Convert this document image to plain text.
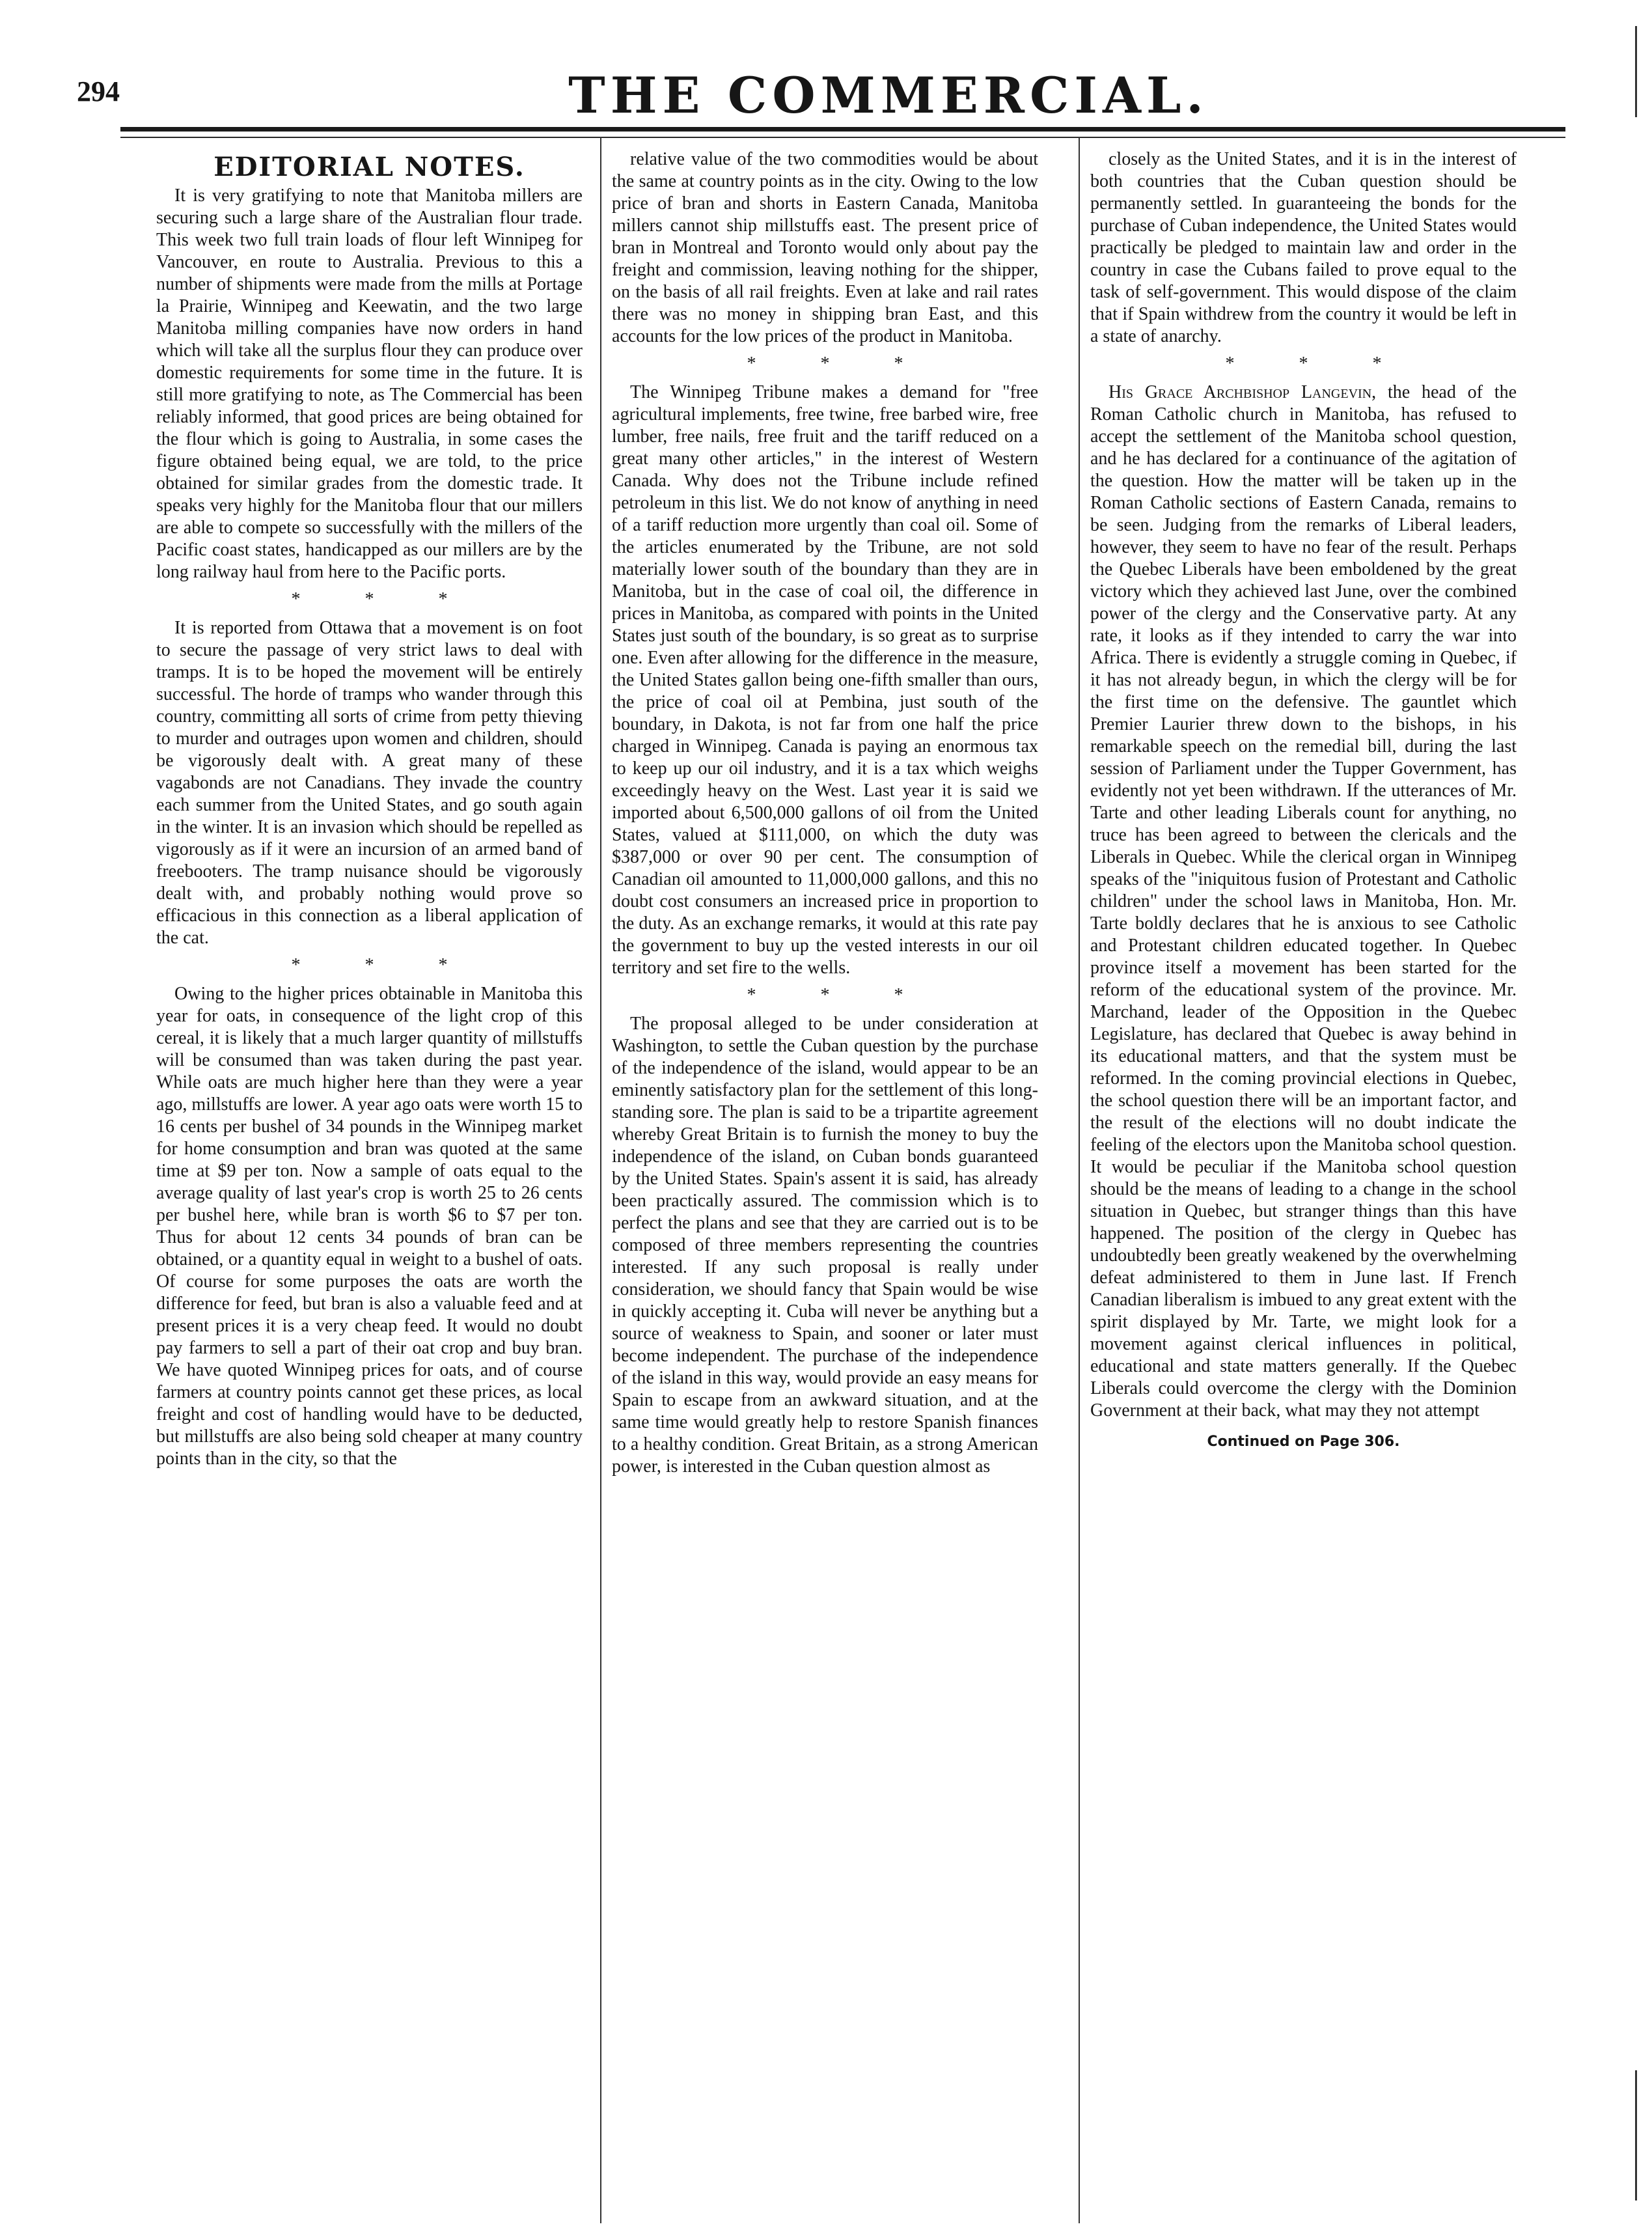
294	THE COMMERCIAL.
EDITORIAL NOTES.

It is very gratifying to note that Manitoba millers are securing such a large share of the Australian flour trade. This week two full train loads of flour left Winnipeg for Vancouver, en route to Australia. Previous to this a number of shipments were made from the mills at Portage la Prairie, Winnipeg and Keewatin, and the two large Manitoba milling companies have now orders in hand which will take all the surplus flour they can produce over domestic requirements for some time in the future. It is still more gratifying to note, as The Commercial has been reliably informed, that good prices are being obtained for the flour which is going to Australia, in some cases the figure obtained being equal, we are told, to the price obtained for similar grades from the domestic trade. It speaks very highly for the Manitoba flour that our millers are able to compete so successfully with the millers of the Pacific coast states, handicapped as our millers are by the long railway haul from here to the Pacific ports.

* * *

It is reported from Ottawa that a movement is on foot to secure the passage of very strict laws to deal with tramps. It is to be hoped the movement will be entirely successful. The horde of tramps who wander through this country, committing all sorts of crime from petty thieving to murder and outrages upon women and children, should be vigorously dealt with. A great many of these vagabonds are not Canadians. They invade the country each summer from the United States, and go south again in the winter. It is an invasion which should be repelled as vigorously as if it were an incursion of an armed band of freebooters. The tramp nuisance should be vigorously dealt with, and probably nothing would prove so efficacious in this connection as a liberal application of the cat.

* * *

Owing to the higher prices obtainable in Manitoba this year for oats, in consequence of the light crop of this cereal, it is likely that a much larger quantity of millstuffs will be consumed than was taken during the past year. While oats are much higher here than they were a year ago, millstuffs are lower. A year ago oats were worth 15 to 16 cents per bushel of 34 pounds in the Winnipeg market for home consumption and bran was quoted at the same time at $9 per ton. Now a sample of oats equal to the average quality of last year's crop is worth 25 to 26 cents per bushel here, while bran is worth $6 to $7 per ton. Thus for about 12 cents 34 pounds of bran can be obtained, or a quantity equal in weight to a bushel of oats. Of course for some purposes the oats are worth the difference for feed, but bran is also a valuable feed and at present prices it is a very cheap feed. It would no doubt pay farmers to sell a part of their oat crop and buy bran. We have quoted Winnipeg prices for oats, and of course farmers at country points cannot get these prices, as local freight and cost of handling would have to be deducted, but millstuffs are also being sold cheaper at many country points than in the city, so that the

relative value of the two commodities would be about the same at country points as in the city. Owing to the low price of bran and shorts in Eastern Canada, Manitoba millers cannot ship millstuffs east. The present price of bran in Montreal and Toronto would only about pay the freight and commission, leaving nothing for the shipper, on the basis of all rail freights. Even at lake and rail rates there was no money in shipping bran East, and this accounts for the low prices of the product in Manitoba.

* * *

The Winnipeg Tribune makes a demand for "free agricultural implements, free twine, free barbed wire, free lumber, free nails, free fruit and the tariff reduced on a great many other articles," in the interest of Western Canada. Why does not the Tribune include refined petroleum in this list. We do not know of anything in need of a tariff reduction more urgently than coal oil. Some of the articles enumerated by the Tribune, are not sold materially lower south of the boundary than they are in Manitoba, but in the case of coal oil, the difference in prices in Manitoba, as compared with points in the United States just south of the boundary, is so great as to surprise one. Even after allowing for the difference in the measure, the United States gallon being one-fifth smaller than ours, the price of coal oil at Pembina, just south of the boundary, in Dakota, is not far from one half the price charged in Winnipeg. Canada is paying an enormous tax to keep up our oil industry, and it is a tax which weighs exceedingly heavy on the West. Last year it is said we imported about 6,500,000 gallons of oil from the United States, valued at $111,000, on which the duty was $387,000 or over 90 per cent. The consumption of Canadian oil amounted to 11,000,000 gallons, and this no doubt cost consumers an increased price in proportion to the duty. As an exchange remarks, it would at this rate pay the government to buy up the vested interests in our oil territory and set fire to the wells.

* * *

The proposal alleged to be under consideration at Washington, to settle the Cuban question by the purchase of the independence of the island, would appear to be an eminently satisfactory plan for the settlement of this long-standing sore. The plan is said to be a tripartite agreement whereby Great Britain is to furnish the money to buy the independence of the island, on Cuban bonds guaranteed by the United States. Spain's assent it is said, has already been practically assured. The commission which is to perfect the plans and see that they are carried out is to be composed of three members representing the countries interested. If any such proposal is really under consideration, we should fancy that Spain would be wise in quickly accepting it. Cuba will never be anything but a source of weakness to Spain, and sooner or later must become independent. The purchase of the independence of the island in this way, would provide an easy means for Spain to escape from an awkward situation, and at the same time would greatly help to restore Spanish finances to a healthy condition. Great Britain, as a strong American power, is interested in the Cuban question almost as

closely as the United States, and it is in the interest of both countries that the Cuban question should be permanently settled. In guaranteeing the bonds for the purchase of Cuban independence, the United States would practically be pledged to maintain law and order in the country in case the Cubans failed to prove equal to the task of self-government. This would dispose of the claim that if Spain withdrew from the country it would be left in a state of anarchy.

* * *

His Grace Archbishop Langevin, the head of the Roman Catholic church in Manitoba, has refused to accept the settlement of the Manitoba school question, and he has declared for a continuance of the agitation of the question. How the matter will be taken up in the Roman Catholic sections of Eastern Canada, remains to be seen. Judging from the remarks of Liberal leaders, however, they seem to have no fear of the result. Perhaps the Quebec Liberals have been emboldened by the great victory which they achieved last June, over the combined power of the clergy and the Conservative party. At any rate, it looks as if they intended to carry the war into Africa. There is evidently a struggle coming in Quebec, if it has not already begun, in which the clergy will be for the first time on the defensive. The gauntlet which Premier Laurier threw down to the bishops, in his remarkable speech on the remedial bill, during the last session of Parliament under the Tupper Government, has evidently not yet been withdrawn. If the utterances of Mr. Tarte and other leading Liberals count for anything, no truce has been agreed to between the clericals and the Liberals in Quebec. While the clerical organ in Winnipeg speaks of the "iniquitous fusion of Protestant and Catholic children" under the school laws in Manitoba, Hon. Mr. Tarte boldly declares that he is anxious to see Catholic and Protestant children educated together. In Quebec province itself a movement has been started for the reform of the educational system of the province. Mr. Marchand, leader of the Opposition in the Quebec Legislature, has declared that Quebec is away behind in its educational matters, and that the system must be reformed. In the coming provincial elections in Quebec, the school question there will be an important factor, and the result of the elections will no doubt indicate the feeling of the electors upon the Manitoba school question. It would be peculiar if the Manitoba school question should be the means of leading to a change in the school situation in Quebec, but stranger things than this have happened. The position of the clergy in Quebec has undoubtedly been greatly weakened by the overwhelming defeat administered to them in June last. If French Canadian liberalism is imbued to any great extent with the spirit displayed by Mr. Tarte, we might look for a movement against clerical influences in political, educational and state matters generally. If the Quebec Liberals could overcome the clergy with the Dominion Government at their back, what may they not attempt

Continued on Page 306.
